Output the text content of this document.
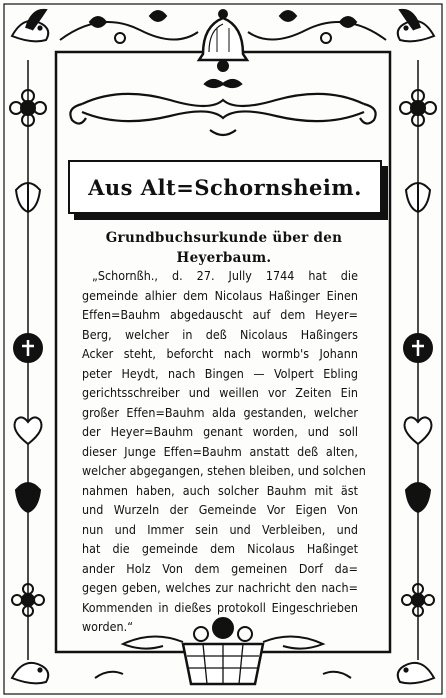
Aus Alt=Schornsheim.
Grundbuchsurkunde über den
Heyerbaum.
„Schornßh., d. 27. Jully 1744 hat die
gemeinde alhier dem Nicolaus Haßinger Einen
Effen=Bauhm abgedauscht auf dem Heyer=
Berg, welcher in deß Nicolaus Haßingers
Acker steht, beforcht nach wormb's Johann
peter Heydt, nach Bingen — Volpert Ebling
gerichtsschreiber und weillen vor Zeiten Ein
großer Effen=Bauhm alda gestanden, welcher
der Heyer=Bauhm genant worden, und soll
dieser Junge Effen=Bauhm anstatt deß alten,
welcher abgegangen, stehen bleiben, und solchen
nahmen haben, auch solcher Bauhm mit äst
und Wurzeln der Gemeinde Vor Eigen Von
nun und Immer sein und Verbleiben, und
hat die gemeinde dem Nicolaus Haßinget
ander Holz Von dem gemeinen Dorf da=
gegen geben, welches zur nachricht den nach=
Kommenden in dießes protokoll Eingeschrieben
worden.“
